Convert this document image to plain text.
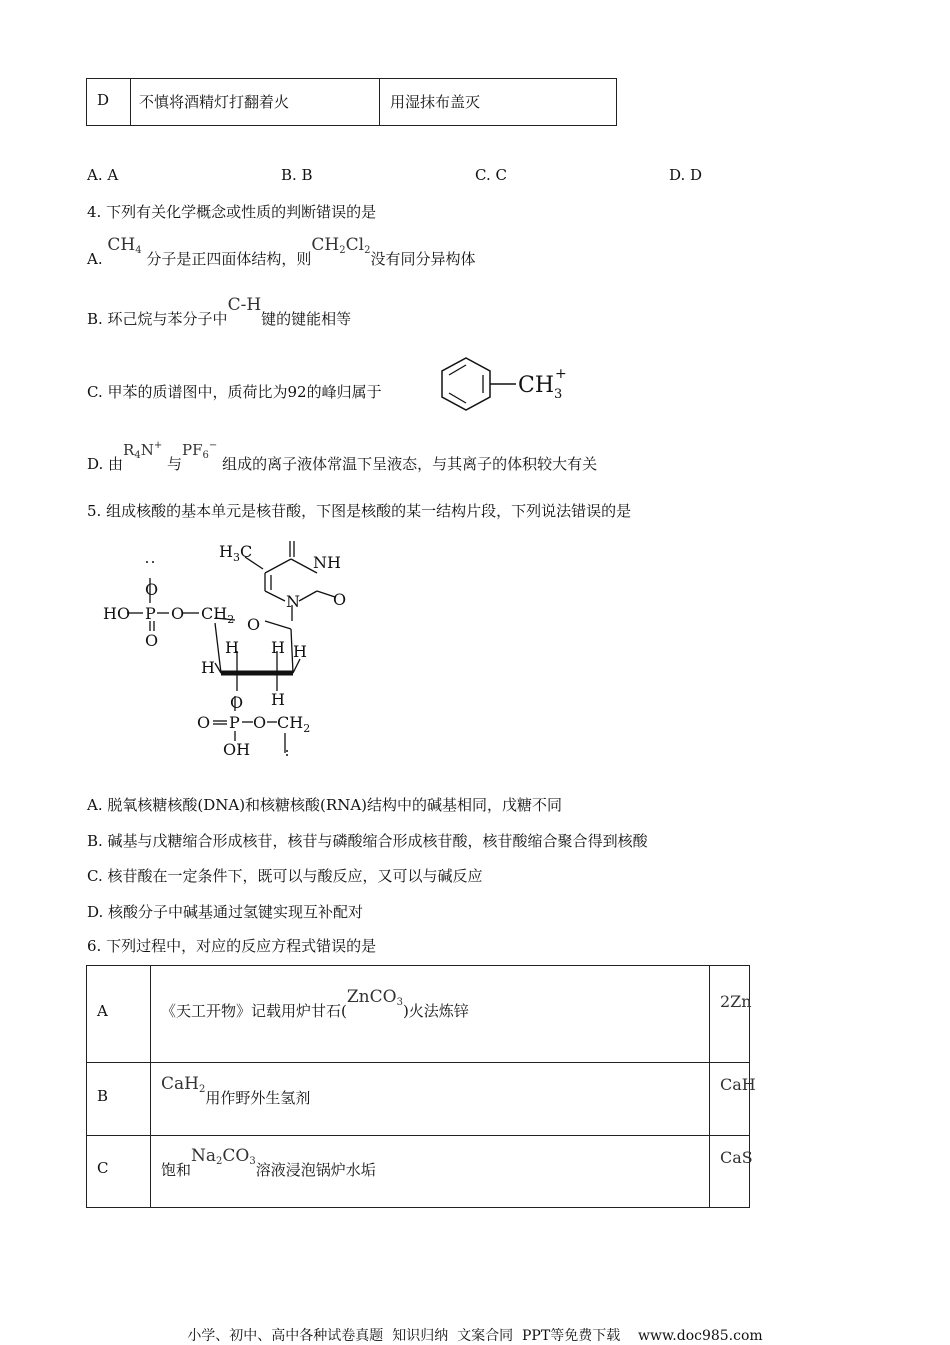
D	不慎将酒精灯打翻着火	用湿抹布盖灭
A. A	B. B	C. C	D. D
4. 下列有关化学概念或性质的判断错误的是
A. $CH_4$ 分子是正四面体结构，则$CH_2Cl_2$没有同分异构体
B. 环己烷与苯分子中C-H键的键能相等
C. 甲苯的质谱图中，质荷比为92的峰归属于	$CH_3$
+
D. 由$R_4N^+$ 与$PF_6^-$ 组成的离子液体常温下呈液态，与其离子的体积较大有关
5. 组成核酸的基本单元是核苷酸，下图是核酸的某一结构片段，下列说法错误的是
$H_3C$
NH
O
N
O
HO P O
O
$CH_2$ O
H
H H H
H
O
O P O $CH_2$
OH
A. 脱氧核糖核酸(DNA)和核糖核酸(RNA)结构中的碱基相同，戊糖不同
B. 碱基与戊糖缩合形成核苷，核苷与磷酸缩合形成核苷酸，核苷酸缩合聚合得到核酸
C. 核苷酸在一定条件下，既可以与酸反应，又可以与碱反应
D. 核酸分子中碱基通过氢键实现互补配对
6. 下列过程中，对应的反应方程式错误的是
A	《天工开物》记载用炉甘石(ZnCO$_3$)火法炼锌	2Zn

B	CaH$_2$用作野外生氢剂	CaH

C	饱和$Na_2CO_3$溶液浸泡锅炉水垢	CaS
小学、初中、高中各种试卷真题  知识归纳  文案合同  PPT等免费下载    www.doc985.com
